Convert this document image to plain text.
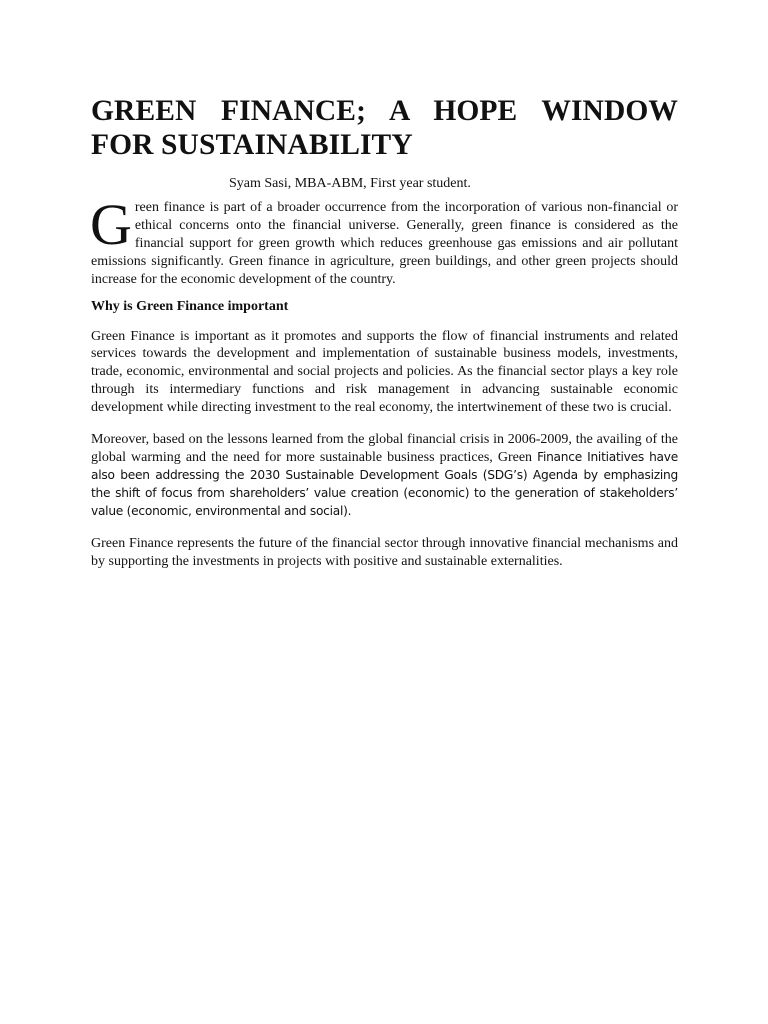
GREEN FINANCE; A HOPE WINDOW FOR SUSTAINABILITY

Syam Sasi, MBA-ABM, First year student.

Green finance is part of a broader occurrence from the incorporation of various non-financial or ethical concerns onto the financial universe. Generally, green finance is considered as the financial support for green growth which reduces greenhouse gas emissions and air pollutant emissions significantly. Green finance in agriculture, green buildings, and other green projects should increase for the economic development of the country.

Why is Green Finance important

Green Finance is important as it promotes and supports the flow of financial instruments and related services towards the development and implementation of sustainable business models, investments, trade, economic, environmental and social projects and policies. As the financial sector plays a key role through its intermediary functions and risk management in advancing sustainable economic development while directing investment to the real economy, the intertwinement of these two is crucial.

Moreover, based on the lessons learned from the global financial crisis in 2006-2009, the availing of the global warming and the need for more sustainable business practices, Green Finance Initiatives have also been addressing the 2030 Sustainable Development Goals (SDG’s) Agenda by emphasizing the shift of focus from shareholders’ value creation (economic) to the generation of stakeholders’ value (economic, environmental and social).

Green Finance represents the future of the financial sector through innovative financial mechanisms and by supporting the investments in projects with positive and sustainable externalities.
